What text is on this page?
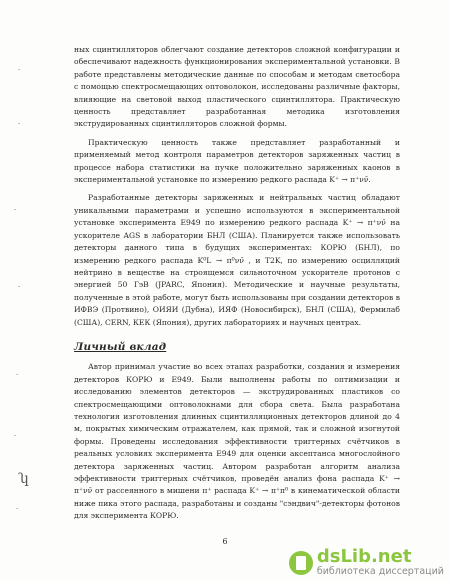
·
·
·
·
·
·
ʮ
·

ных сцинтилляторов облегчают создание детекторов сложной конфигурации и обеспечивают надежность функционирования экспериментальной установки. В работе представлены методические данные по способам и методам светосбора с помощью спектросмещающих оптоволокон, исследованы различные факторы, влияющие на световой выход пластического сцинтиллятора. Практическую ценность представляет разработанная методика изготовления экструдированных сцинтилляторов сложной формы.

Практическую ценность также представляет разработанный и применяемый метод контроля параметров детекторов заряженных частиц в процессе набора статистики на пучке положительно заряженных каонов в экспериментальной установке по измерению редкого распада K⁺ → π⁺νν̄.

Разработанные детекторы заряженных и нейтральных частиц обладают уникальными параметрами и успешно используются в экспериментальной установке эксперимента E949 по измерению редкого распада K⁺ → π⁺νν̄ на ускорителе AGS в лаборатории БНЛ (США). Планируется также использовать детекторы данного типа в будущих экспериментах: КОРЮ (БНЛ), по измерению редкого распада K⁰L → π⁰νν̄ , и T2K, по измерению осцилляций нейтрино в веществе на строящемся сильноточном ускорителе протонов с энергией 50 ГэВ (JPARC, Япония). Методические и научные результаты, полученные в этой работе, могут быть использованы при создании детекторов в ИФВЭ (Протвино), ОИЯИ (Дубна), ИЯФ (Новосибирск), БНЛ (США), Фермилаб (США), CERN, КЕК (Япония), других лабораториях и научных центрах.

Личный вклад

Автор принимал участие во всех этапах разработки, создания и измерения детекторов КОРЮ и E949. Были выполнены работы по оптимизации и исследованию элементов детекторов — экструдированных пластиков со спектросмещающими оптоволокнами для сбора света. Была разработана технология изготовления длинных сцинтилляционных детекторов длиной до 4 м, покрытых химическим отражателем, как прямой, так и сложной изогнутой формы. Проведены исследования эффективности триггерных счётчиков в реальных условиях эксперимента E949 для оценки аксептанса многослойного детектора заряженных частиц. Автором разработан алгоритм анализа эффективности триггерных счётчиков, проведён анализ фона распада K⁺ → π⁺νν̄ от рассеянного в мишени π⁺ распада K⁺ → π⁺π⁰ в кинематической области ниже пика этого распада, разработаны и созданы "сэндвич"-детекторы фотонов для эксперимента КОРЮ.

6
dsLib.net
библиотека диссертаций
